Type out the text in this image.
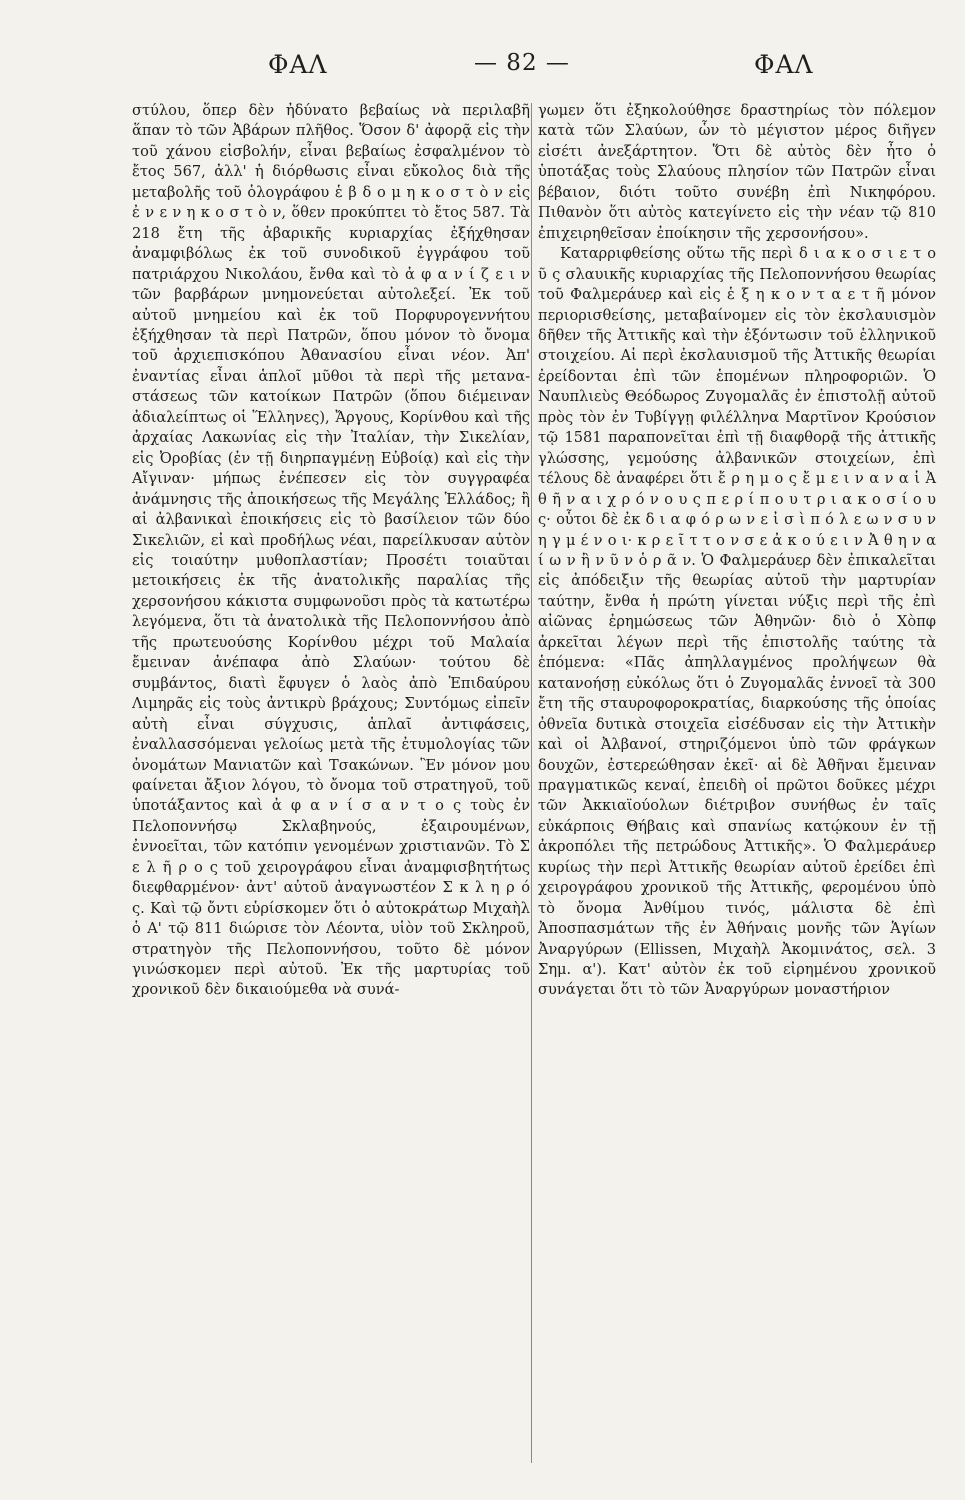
ΦΑΛ	— 82 —	ΦΑΛ

στύλου, ὅπερ δὲν ἠδύνατο βεβαίως νὰ περιλαβῆ ἅπαν τὸ τῶν Ἀβάρων πλῆθος. Ὅσον δ' ἀφορᾷ εἰς τὴν τοῦ χάνου εἰσβολήν, εἶναι βεβαίως ἐσφαλμένον τὸ ἔτος 567, ἀλλ' ἡ διόρθωσις εἶναι εὔκολος διὰ τῆς μεταβολῆς τοῦ ὁλογράφου ἑ β δ ο μ η κ ο σ τ ὸ ν εἰς ἐ ν ε ν η κ ο σ τ ὸ ν, ὅθεν προκύπτει τὸ ἔτος 587. Τὰ 218 ἔτη τῆς ἀβαρικῆς κυριαρχίας ἐξήχθησαν ἀναμφιβόλως ἐκ τοῦ συνοδικοῦ ἐγγράφου τοῦ πατριάρχου Νικολάου, ἔνθα καὶ τὸ ἀ φ α ν ί ζ ε ι ν τῶν βαρβάρων μνημονεύεται αὐτολεξεί. Ἐκ τοῦ αὐτοῦ μνημείου καὶ ἐκ τοῦ Πορφυρογεννήτου ἐξήχθησαν τὰ περὶ Πατρῶν, ὅπου μόνον τὸ ὄνομα τοῦ ἀρχιεπισκόπου Ἀθανασίου εἶναι νέον. Ἀπ' ἐναντίας εἶναι ἁπλοῖ μῦθοι τὰ περὶ τῆς μεταναστάσεως τῶν κατοίκων Πατρῶν (ὅπου διέμειναν ἀδιαλείπτως οἱ Ἕλληνες), Ἄργους, Κορίνθου καὶ τῆς ἀρχαίας Λακωνίας εἰς τὴν Ἰταλίαν, τὴν Σικελίαν, εἰς Ὀροβίας (ἐν τῇ διηρπαγμένῃ Εὐβοίᾳ) καὶ εἰς τὴν Αἴγιναν· μήπως ἐνέπεσεν εἰς τὸν συγγραφέα ἀνάμνησις τῆς ἀποικήσεως τῆς Μεγάλης Ἑλλάδος; ἢ αἱ ἀλβανικαὶ ἐποικήσεις εἰς τὸ βασίλειον τῶν δύο Σικελιῶν, εἰ καὶ προδήλως νέαι, παρείλκυσαν αὐτὸν εἰς τοιαύτην μυθοπλαστίαν; Προσέτι τοιαῦται μετοικήσεις ἐκ τῆς ἀνατολικῆς παραλίας τῆς χερσονήσου κάκιστα συμφωνοῦσι πρὸς τὰ κατωτέρω λεγόμενα, ὅτι τὰ ἀνατολικὰ τῆς Πελοποννήσου ἀπὸ τῆς πρωτευούσης Κορίνθου μέχρι τοῦ Μαλαία ἔμειναν ἀνέπαφα ἀπὸ Σλαύων· τούτου δὲ συμβάντος, διατὶ ἔφυγεν ὁ λαὸς ἀπὸ Ἐπιδαύρου Λιμηρᾶς εἰς τοὺς ἀντικρὺ βράχους; Συντόμως εἰπεῖν αὐτὴ εἶναι σύγχυσις, ἁπλαῖ ἀντιφάσεις, ἐναλλασσόμεναι γελοίως μετὰ τῆς ἐτυμολογίας τῶν ὀνομάτων Μανιατῶν καὶ Τσακώνων. Ἓν μόνον μου φαίνεται ἄξιον λόγου, τὸ ὄνομα τοῦ στρατηγοῦ, τοῦ ὑποτάξαντος καὶ ἀ φ α ν ί σ α ν τ ο ς τοὺς ἐν Πελοποννήσῳ Σκλαβηνούς, ἐξαιρουμένων, ἐννοεῖται, τῶν κατόπιν γενομένων χριστιανῶν. Τὸ Σ ε λ ῆ ρ ο ς τοῦ χειρογράφου εἶναι ἀναμφισβητήτως διεφθαρμένον· ἀντ' αὐτοῦ ἀναγνωστέον Σ κ λ η ρ ό ς. Καὶ τῷ ὄντι εὑρίσκομεν ὅτι ὁ αὐτοκράτωρ Μιχαὴλ ὁ Α' τῷ 811 διώρισε τὸν Λέοντα, υἱὸν τοῦ Σκληροῦ, στρατηγὸν τῆς Πελοποννήσου, τοῦτο δὲ μόνον γινώσκομεν περὶ αὐτοῦ. Ἐκ τῆς μαρτυρίας τοῦ χρονικοῦ δὲν δικαιούμεθα νὰ συνά-

γωμεν ὅτι ἐξηκολούθησε δραστηρίως τὸν πόλεμον κατὰ τῶν Σλαύων, ὧν τὸ μέγιστον μέρος διῆγεν εἰσέτι ἀνεξάρτητον. Ὅτι δὲ αὐτὸς δὲν ἦτο ὁ ὑποτάξας τοὺς Σλαύους πλησίον τῶν Πατρῶν εἶναι βέβαιον, διότι τοῦτο συνέβη ἐπὶ Νικηφόρου. Πιθανὸν ὅτι αὐτὸς κατεγίνετο εἰς τὴν νέαν τῷ 810 ἐπιχειρηθεῖσαν ἐποίκησιν τῆς χερσονήσου».

Καταρριφθείσης οὕτω τῆς περὶ δ ι α κ ο σ ι ε τ ο ῦ ς σλαυικῆς κυριαρχίας τῆς Πελοποννήσου θεωρίας τοῦ Φαλμεράυερ καὶ εἰς ἑ ξ η κ ο ν τ α ε τ ῆ μόνον περιορισθείσης, μεταβαίνομεν εἰς τὸν ἐκσλαυισμὸν δῆθεν τῆς Ἀττικῆς καὶ τὴν ἐξόντωσιν τοῦ ἑλληνικοῦ στοιχείου. Αἱ περὶ ἐκσλαυισμοῦ τῆς Ἀττικῆς θεωρίαι ἐρείδονται ἐπὶ τῶν ἑπομένων πληροφοριῶν. Ὁ Ναυπλιεὺς Θεόδωρος Ζυγομαλᾶς ἐν ἐπιστολῇ αὐτοῦ πρὸς τὸν ἐν Τυβίγγῃ φιλέλληνα Μαρτῖνον Κρούσιον τῷ 1581 παραπονεῖται ἐπὶ τῇ διαφθορᾷ τῆς ἀττικῆς γλώσσης, γεμούσης ἀλβανικῶν στοιχείων, ἐπὶ τέλους δὲ ἀναφέρει ὅτι ἔ ρ η μ ο ς ἔ μ ε ι ν α ν α ἱ Ἀ θ ῆ ν α ι χ ρ ό ν ο υ ς π ε ρ ί π ο υ τ ρ ι α κ ο σ ί ο υ ς· οὗτοι δὲ ἐκ δ ι α φ ό ρ ω ν ε ἰ σ ὶ π ό λ ε ω ν σ υ ν η γ μ έ ν ο ι· κ ρ ε ῖ τ τ ο ν σ ε ἀ κ ο ύ ε ι ν Ἀ θ η ν α ί ω ν ἢ ν ῦ ν ὁ ρ ᾶ ν. Ὁ Φαλμεράυερ δὲν ἐπικαλεῖται εἰς ἀπόδειξιν τῆς θεωρίας αὐτοῦ τὴν μαρτυρίαν ταύτην, ἔνθα ἡ πρώτη γίνεται νύξις περὶ τῆς ἐπὶ αἰῶνας ἐρημώσεως τῶν Ἀθηνῶν· διὸ ὁ Χὸπφ ἀρκεῖται λέγων περὶ τῆς ἐπιστολῆς ταύτης τὰ ἑπόμενα: «Πᾶς ἀπηλλαγμένος προλήψεων θὰ κατανοήσῃ εὐκόλως ὅτι ὁ Ζυγομαλᾶς ἐννοεῖ τὰ 300 ἔτη τῆς σταυροφοροκρατίας, διαρκούσης τῆς ὁποίας ὀθνεῖα δυτικὰ στοιχεῖα εἰσέδυσαν εἰς τὴν Ἀττικὴν καὶ οἱ Ἀλβανοί, στηριζόμενοι ὑπὸ τῶν φράγκων δουχῶν, ἐστερεώθησαν ἐκεῖ· αἱ δὲ Ἀθῆναι ἔμειναν πραγματικῶς κεναί, ἐπειδὴ οἱ πρῶτοι δοῦκες μέχρι τῶν Ἀκκιαϊούολων διέτριβον συνήθως ἐν ταῖς εὐκάρποις Θήβαις καὶ σπανίως κατῴκουν ἐν τῇ ἀκροπόλει τῆς πετρώδους Ἀττικῆς». Ὁ Φαλμεράυερ κυρίως τὴν περὶ Ἀττικῆς θεωρίαν αὐτοῦ ἐρείδει ἐπὶ χειρογράφου χρονικοῦ τῆς Ἀττικῆς, φερομένου ὑπὸ τὸ ὄνομα Ἀνθίμου τινός, μάλιστα δὲ ἐπὶ Ἀποσπασμάτων τῆς ἐν Ἀθήναις μονῆς τῶν Ἁγίων Ἀναργύρων (Ellissen, Μιχαὴλ Ἀκομινάτος, σελ. 3 Σημ. α'). Κατ' αὐτὸν ἐκ τοῦ εἰρημένου χρονικοῦ συνάγεται ὅτι τὸ τῶν Ἀναργύρων μοναστήριον
